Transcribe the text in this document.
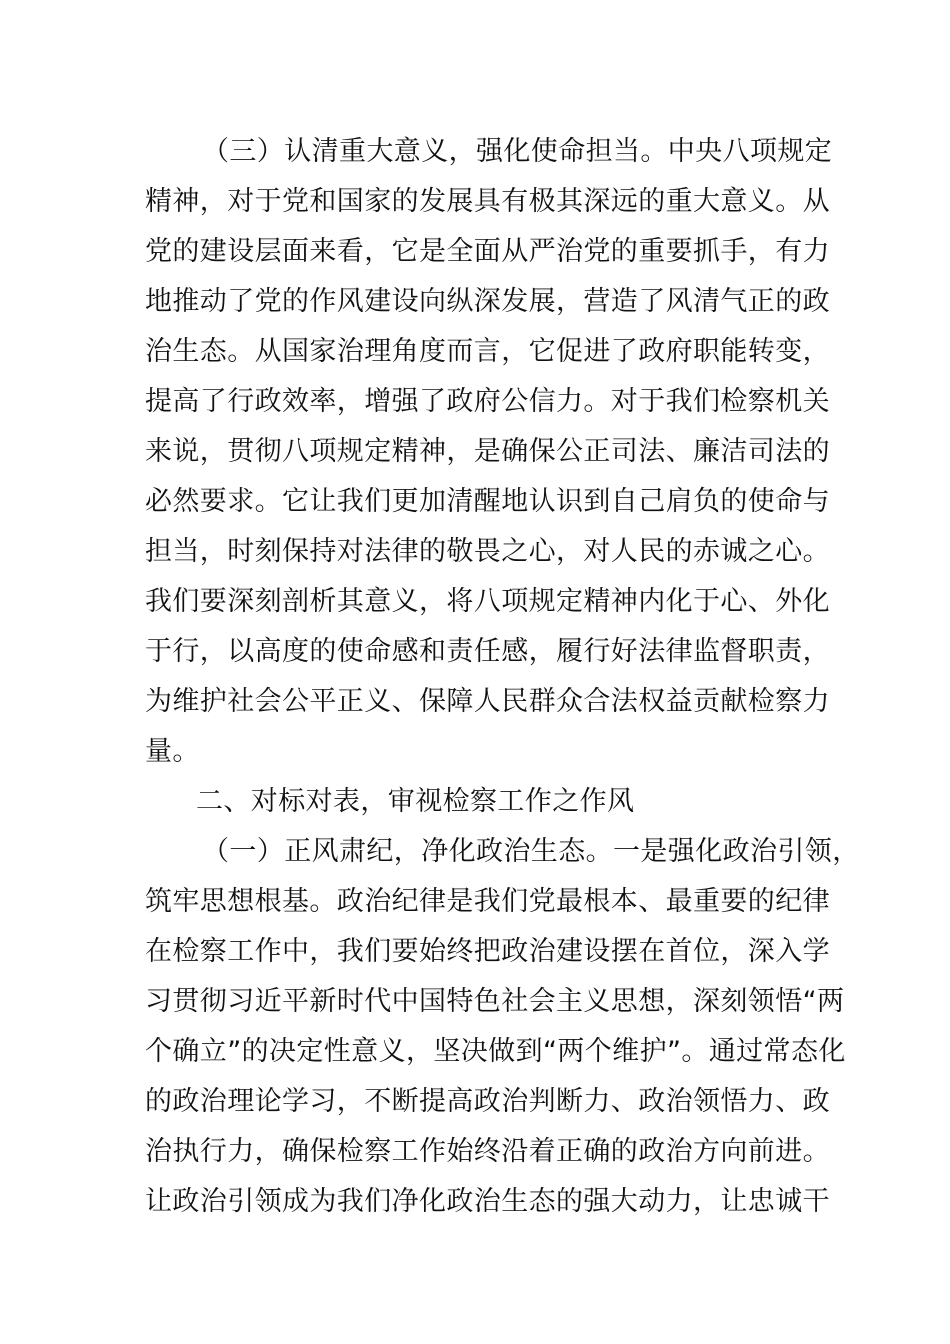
（三）认清重大意义，强化使命担当。中央八项规定
精神，对于党和国家的发展具有极其深远的重大意义。从
党的建设层面来看，它是全面从严治党的重要抓手，有力
地推动了党的作风建设向纵深发展，营造了风清气正的政
治生态。从国家治理角度而言，它促进了政府职能转变，
提高了行政效率，增强了政府公信力。对于我们检察机关
来说，贯彻八项规定精神，是确保公正司法、廉洁司法的
必然要求。它让我们更加清醒地认识到自己肩负的使命与
担当，时刻保持对法律的敬畏之心，对人民的赤诚之心。
我们要深刻剖析其意义，将八项规定精神内化于心、外化
于行，以高度的使命感和责任感，履行好法律监督职责，
为维护社会公平正义、保障人民群众合法权益贡献检察力
量。
二、对标对表，审视检察工作之作风
（一）正风肃纪，净化政治生态。一是强化政治引领，
筑牢思想根基。政治纪律是我们党最根本、最重要的纪律
在检察工作中，我们要始终把政治建设摆在首位，深入学
习贯彻习近平新时代中国特色社会主义思想，深刻领悟“两
个确立”的决定性意义，坚决做到“两个维护”。通过常态化
的政治理论学习，不断提高政治判断力、政治领悟力、政
治执行力，确保检察工作始终沿着正确的政治方向前进。
让政治引领成为我们净化政治生态的强大动力，让忠诚干
